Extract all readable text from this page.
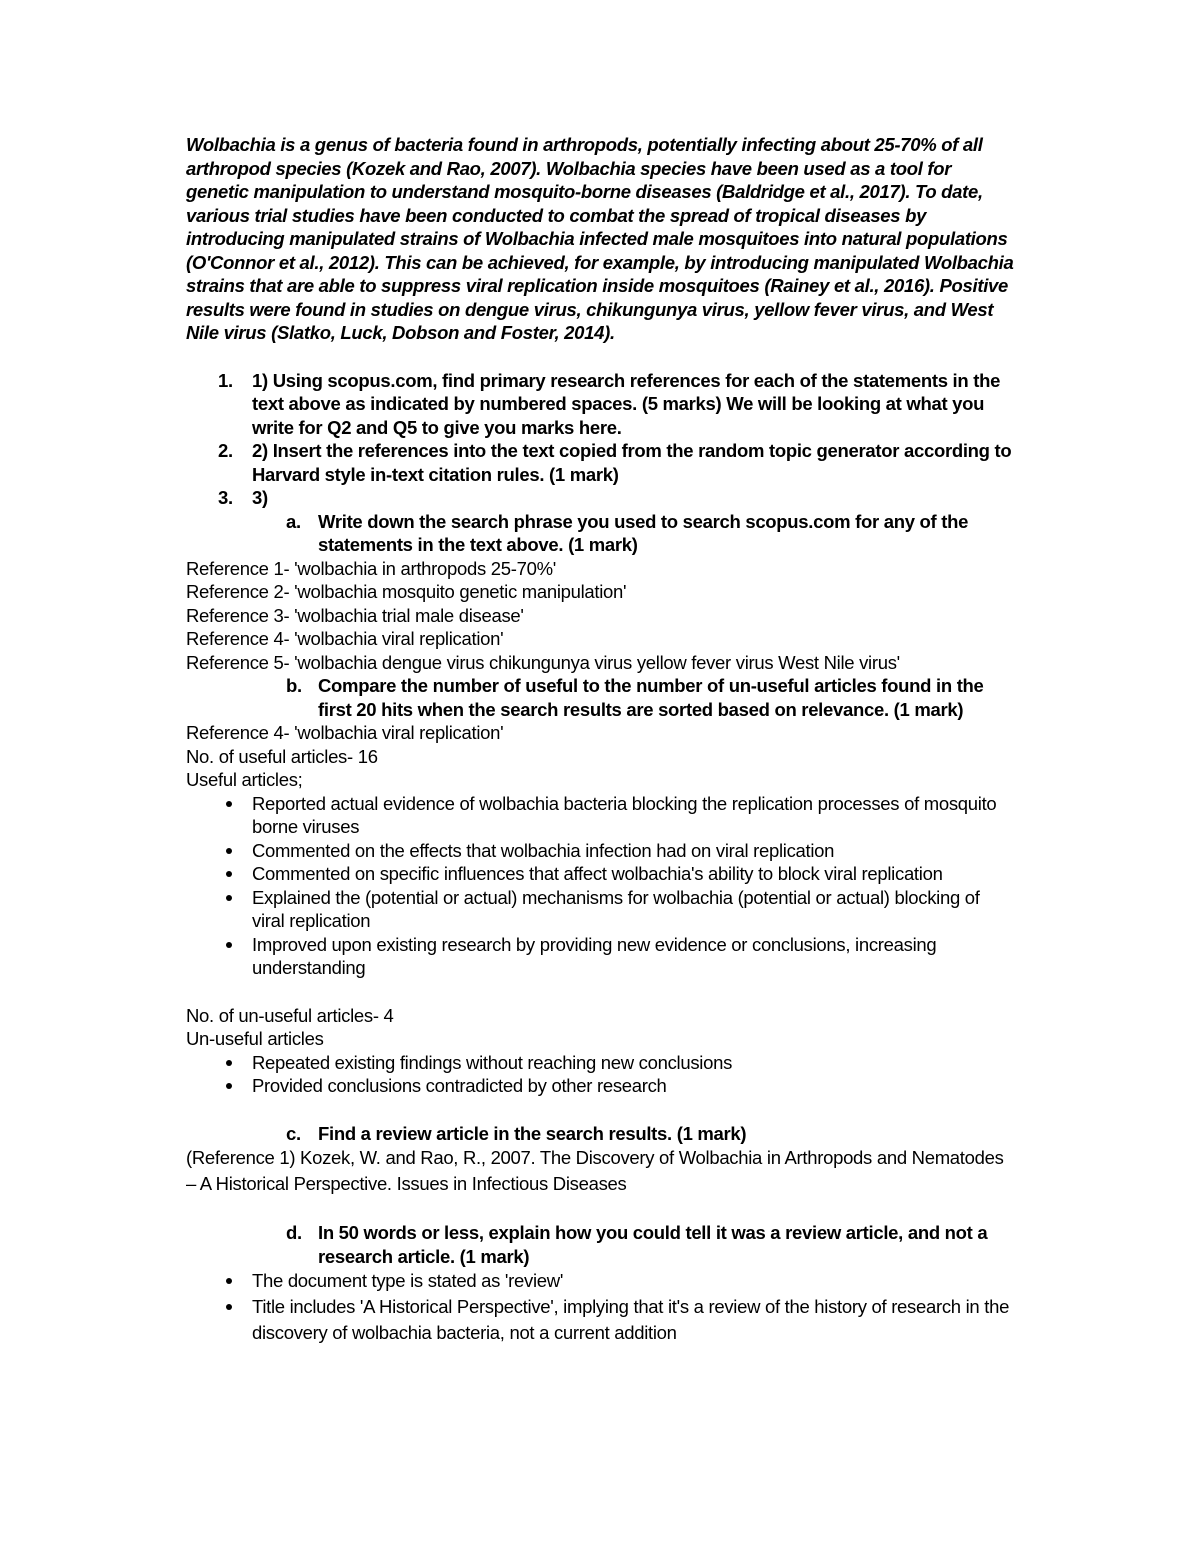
Wolbachia is a genus of bacteria found in arthropods, potentially infecting about 25-70% of all arthropod species (Kozek and Rao, 2007). Wolbachia species have been used as a tool for genetic manipulation to understand mosquito-borne diseases (Baldridge et al., 2017). To date, various trial studies have been conducted to combat the spread of tropical diseases by introducing manipulated strains of Wolbachia infected male mosquitoes into natural populations (O'Connor et al., 2012). This can be achieved, for example, by introducing manipulated Wolbachia strains that are able to suppress viral replication inside mosquitoes (Rainey et al., 2016). Positive results were found in studies on dengue virus, chikungunya virus, yellow fever virus, and West Nile virus (Slatko, Luck, Dobson and Foster, 2014).

1. 1) Using scopus.com, find primary research references for each of the statements in the text above as indicated by numbered spaces. (5 marks) We will be looking at what you write for Q2 and Q5 to give you marks here.
2. 2) Insert the references into the text copied from the random topic generator according to Harvard style in-text citation rules. (1 mark)
3. 3)
a. Write down the search phrase you used to search scopus.com for any of the statements in the text above. (1 mark)
Reference 1- 'wolbachia in arthropods 25-70%'
Reference 2- 'wolbachia mosquito genetic manipulation'
Reference 3- 'wolbachia trial male disease'
Reference 4- 'wolbachia viral replication'
Reference 5- 'wolbachia dengue virus chikungunya virus yellow fever virus West Nile virus'
b. Compare the number of useful to the number of un-useful articles found in the first 20 hits when the search results are sorted based on relevance. (1 mark)
Reference 4- 'wolbachia viral replication'
No. of useful articles- 16
Useful articles;
Reported actual evidence of wolbachia bacteria blocking the replication processes of mosquito borne viruses
Commented on the effects that wolbachia infection had on viral replication
Commented on specific influences that affect wolbachia's ability to block viral replication
Explained the (potential or actual) mechanisms for wolbachia (potential or actual) blocking of viral replication
Improved upon existing research by providing new evidence or conclusions, increasing understanding
No. of un-useful articles- 4
Un-useful articles
Repeated existing findings without reaching new conclusions
Provided conclusions contradicted by other research
c. Find a review article in the search results. (1 mark)
(Reference 1) Kozek, W. and Rao, R., 2007. The Discovery of Wolbachia in Arthropods and Nematodes – A Historical Perspective. Issues in Infectious Diseases
d. In 50 words or less, explain how you could tell it was a review article, and not a research article. (1 mark)
The document type is stated as 'review'
Title includes 'A Historical Perspective', implying that it's a review of the history of research in the discovery of wolbachia bacteria, not a current addition
